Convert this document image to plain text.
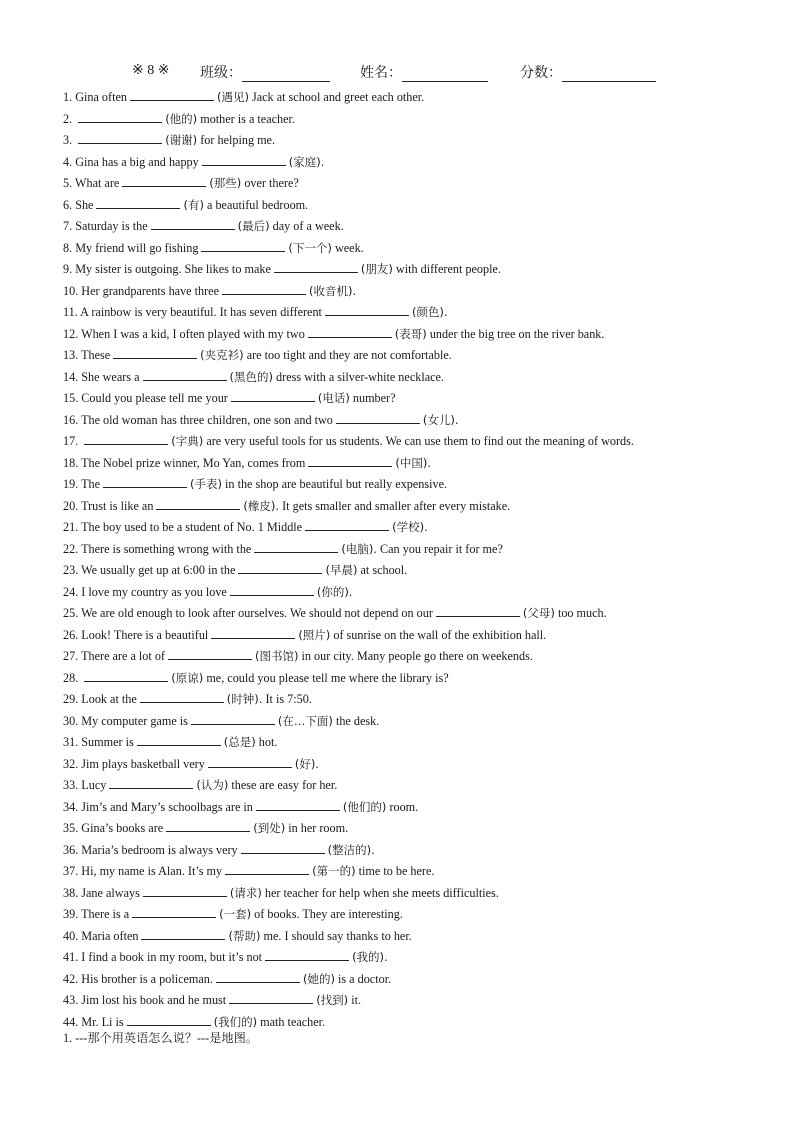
※ 8 ※ 班级：	姓名：	分数：
1. Gina often	(遇见) Jack at school and greet each other.
2.	(他的) mother is a teacher.
3.	(谢谢) for helping me.
4. Gina has a big and happy	(家庭).
5. What are	(那些) over there?
6. She	(有) a beautiful bedroom.
7. Saturday is the	(最后) day of a week.
8. My friend will go fishing	(下一个) week.
9. My sister is outgoing. She likes to make	(朋友) with different people.
10. Her grandparents have three	(收音机).
11. A rainbow is very beautiful. It has seven different	(颜色).
12. When I was a kid, I often played with my two	(表哥) under the big tree on the river bank.
13. These	(夹克衫) are too tight and they are not comfortable.
14. She wears a	(黑色的) dress with a silver-white necklace.
15. Could you please tell me your	(电话) number?
16. The old woman has three children, one son and two	(女儿).
17.	(字典) are very useful tools for us students. We can use them to find out the meaning of words.
18. The Nobel prize winner, Mo Yan, comes from	(中国).
19. The	(手表) in the shop are beautiful but really expensive.
20. Trust is like an	(橡皮). It gets smaller and smaller after every mistake.
21. The boy used to be a student of No. 1 Middle	(学校).
22. There is something wrong with the	(电脑). Can you repair it for me?
23. We usually get up at 6:00 in the	(早晨) at school.
24. I love my country as you love	(你的).
25. We are old enough to look after ourselves. We should not depend on our	(父母) too much.
26. Look! There is a beautiful	(照片) of sunrise on the wall of the exhibition hall.
27. There are a lot of	(图书馆) in our city. Many people go there on weekends.
28.	(原谅) me, could you please tell me where the library is?
29. Look at the	(时钟). It is 7:50.
30. My computer game is	(在…下面) the desk.
31. Summer is	(总是) hot.
32. Jim plays basketball very	(好).
33. Lucy	(认为) these are easy for her.
34. Jim’s and Mary’s schoolbags are in	(他们的) room.
35. Gina’s books are	(到处) in her room.
36. Maria’s bedroom is always very	(整洁的).
37. Hi, my name is Alan. It’s my	(第一的) time to be here.
38. Jane always	(请求) her teacher for help when she meets difficulties.
39. There is a	(一套) of books. They are interesting.
40. Maria often	(帮助) me. I should say thanks to her.
41. I find a book in my room, but it’s not	(我的).
42. His brother is a policeman.	(她的) is a doctor.
43. Jim lost his book and he must	(找到) it.
44. Mr. Li is	(我们的) math teacher.
1. ---那个用英语怎么说？---是地图。
